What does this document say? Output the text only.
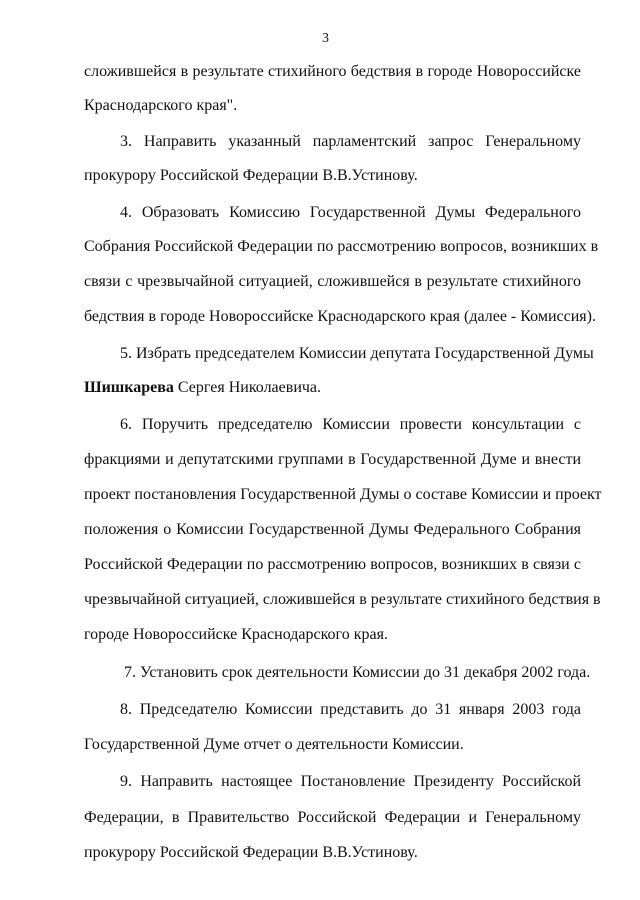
3
сложившейся в результате стихийного бедствия в городе Новороссийске
Краснодарского края".
3. Направить указанный парламентский запрос Генеральному
прокурору Российской Федерации В.В.Устинову.
4. Образовать Комиссию Государственной Думы Федерального
Собрания Российской Федерации по рассмотрению вопросов, возникших в
связи с чрезвычайной ситуацией, сложившейся в результате стихийного
бедствия в городе Новороссийске Краснодарского края (далее - Комиссия).
5. Избрать председателем Комиссии депутата Государственной Думы
Шишкарева Сергея Николаевича.
6. Поручить председателю Комиссии провести консультации с
фракциями и депутатскими группами в Государственной Думе и внести
проект постановления Государственной Думы о составе Комиссии и проект
положения о Комиссии Государственной Думы Федерального Собрания
Российской Федерации по рассмотрению вопросов, возникших в связи с
чрезвычайной ситуацией, сложившейся в результате стихийного бедствия в
городе Новороссийске Краснодарского края.
7. Установить срок деятельности Комиссии до 31 декабря 2002 года.
8. Председателю Комиссии представить до 31 января 2003 года
Государственной Думе отчет о деятельности Комиссии.
9. Направить настоящее Постановление Президенту Российской
Федерации, в Правительство Российской Федерации и Генеральному
прокурору Российской Федерации В.В.Устинову.
